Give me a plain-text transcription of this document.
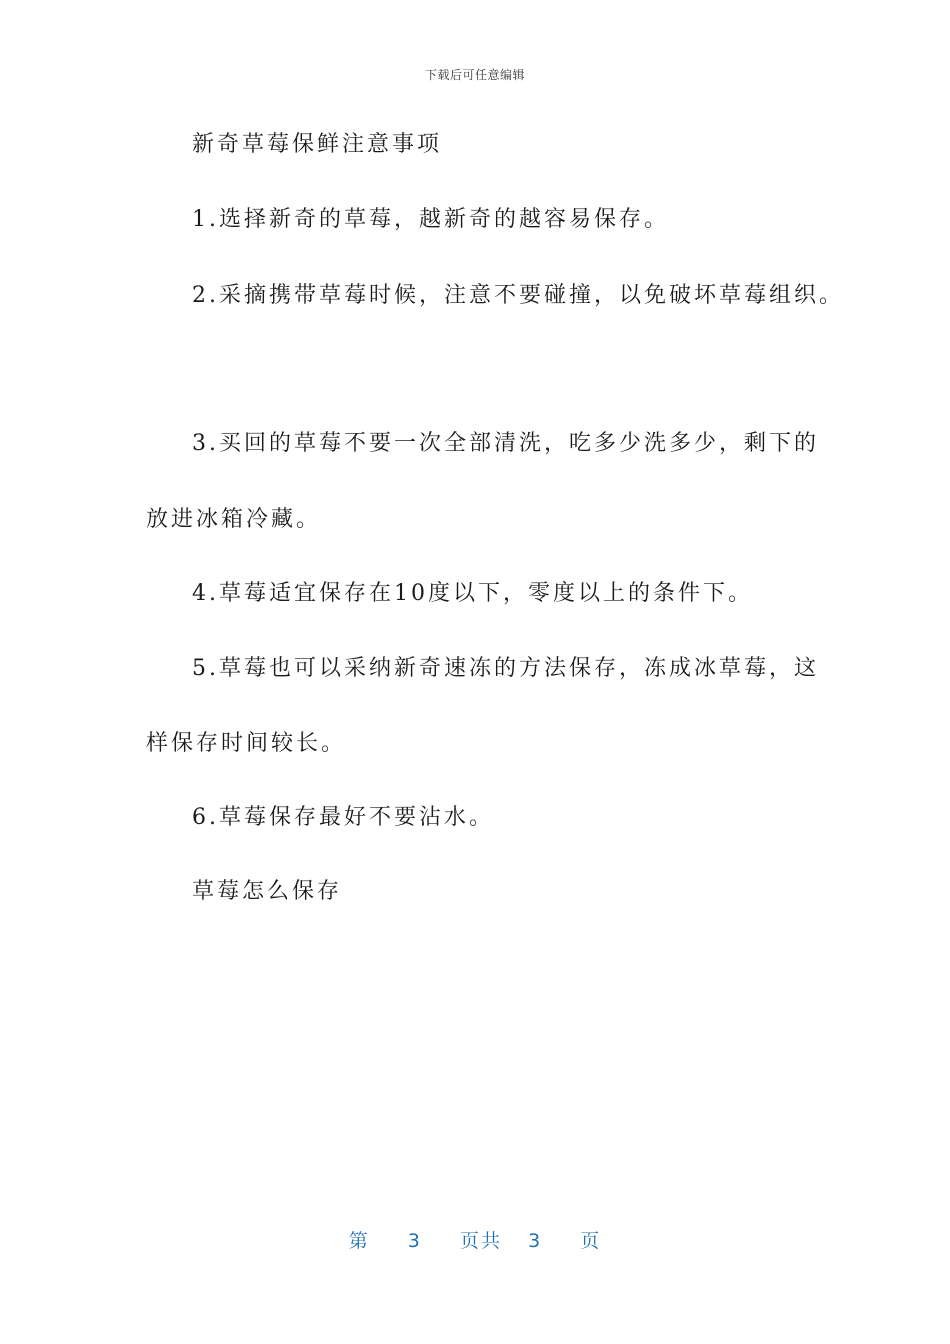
下载后可任意编辑
新奇草莓保鲜注意事项
1.选择新奇的草莓，越新奇的越容易保存。
2.采摘携带草莓时候，注意不要碰撞，以免破坏草莓组织。
3.买回的草莓不要一次全部清洗，吃多少洗多少，剩下的
放进冰箱冷藏。
4.草莓适宜保存在10度以下，零度以上的条件下。
5.草莓也可以采纳新奇速冻的方法保存，冻成冰草莓，这
样保存时间较长。
6.草莓保存最好不要沾水。
草莓怎么保存
第 3 页共 3 页
